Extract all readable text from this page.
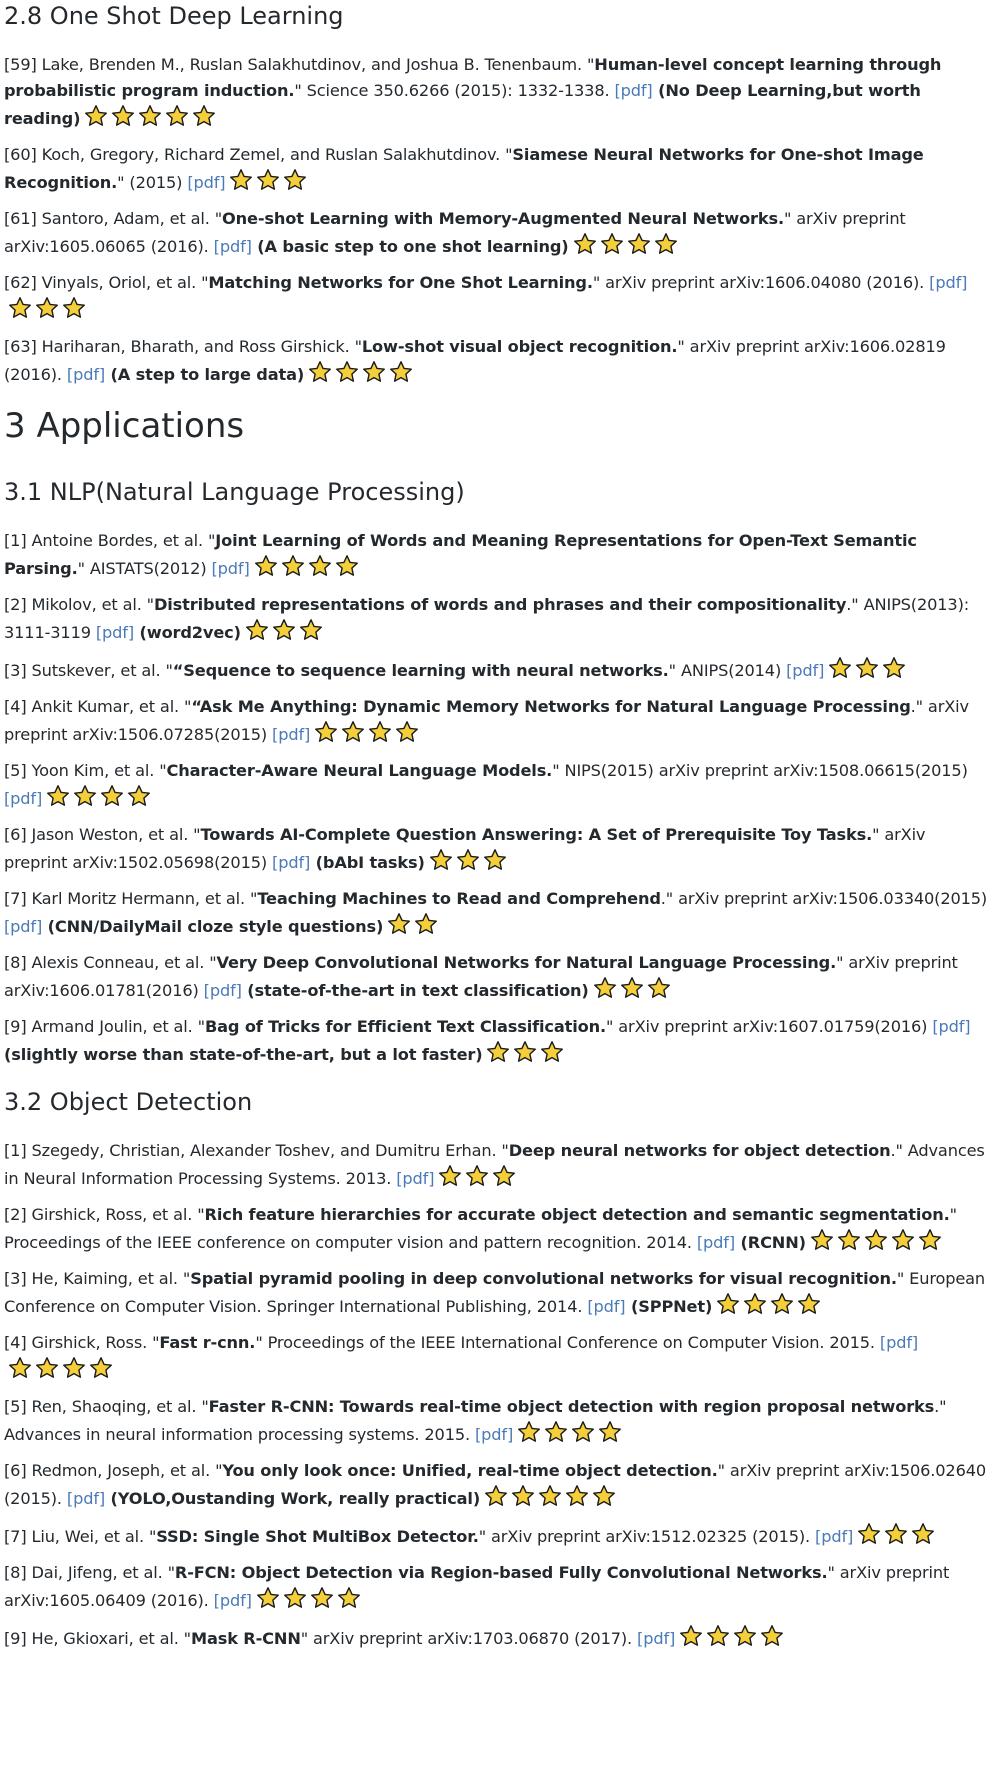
2.8 One Shot Deep Learning

[59] Lake, Brenden M., Ruslan Salakhutdinov, and Joshua B. Tenenbaum. "Human-level concept learning through probabilistic program induction." Science 350.6266 (2015): 1332-1338. [pdf] (No Deep Learning,but worth reading)

[60] Koch, Gregory, Richard Zemel, and Ruslan Salakhutdinov. "Siamese Neural Networks for One-shot Image Recognition." (2015) [pdf]

[61] Santoro, Adam, et al. "One-shot Learning with Memory-Augmented Neural Networks." arXiv preprint arXiv:1605.06065 (2016). [pdf] (A basic step to one shot learning)

[62] Vinyals, Oriol, et al. "Matching Networks for One Shot Learning." arXiv preprint arXiv:1606.04080 (2016). [pdf]

[63] Hariharan, Bharath, and Ross Girshick. "Low-shot visual object recognition." arXiv preprint arXiv:1606.02819 (2016). [pdf] (A step to large data)

3 Applications
3.1 NLP(Natural Language Processing)

[1] Antoine Bordes, et al. "Joint Learning of Words and Meaning Representations for Open-Text Semantic Parsing." AISTATS(2012) [pdf]

[2] Mikolov, et al. "Distributed representations of words and phrases and their compositionality." ANIPS(2013): 3111-3119 [pdf] (word2vec)

[3] Sutskever, et al. "“Sequence to sequence learning with neural networks." ANIPS(2014) [pdf]

[4] Ankit Kumar, et al. "“Ask Me Anything: Dynamic Memory Networks for Natural Language Processing." arXiv preprint arXiv:1506.07285(2015) [pdf]

[5] Yoon Kim, et al. "Character-Aware Neural Language Models." NIPS(2015) arXiv preprint arXiv:1508.06615(2015) [pdf]

[6] Jason Weston, et al. "Towards AI-Complete Question Answering: A Set of Prerequisite Toy Tasks." arXiv preprint arXiv:1502.05698(2015) [pdf] (bAbI tasks)

[7] Karl Moritz Hermann, et al. "Teaching Machines to Read and Comprehend." arXiv preprint arXiv:1506.03340(2015) [pdf] (CNN/DailyMail cloze style questions)

[8] Alexis Conneau, et al. "Very Deep Convolutional Networks for Natural Language Processing." arXiv preprint arXiv:1606.01781(2016) [pdf] (state-of-the-art in text classification)

[9] Armand Joulin, et al. "Bag of Tricks for Efficient Text Classification." arXiv preprint arXiv:1607.01759(2016) [pdf] (slightly worse than state-of-the-art, but a lot faster)

3.2 Object Detection

[1] Szegedy, Christian, Alexander Toshev, and Dumitru Erhan. "Deep neural networks for object detection." Advances in Neural Information Processing Systems. 2013. [pdf]

[2] Girshick, Ross, et al. "Rich feature hierarchies for accurate object detection and semantic segmentation." Proceedings of the IEEE conference on computer vision and pattern recognition. 2014. [pdf] (RCNN)

[3] He, Kaiming, et al. "Spatial pyramid pooling in deep convolutional networks for visual recognition." European Conference on Computer Vision. Springer International Publishing, 2014. [pdf] (SPPNet)

[4] Girshick, Ross. "Fast r-cnn." Proceedings of the IEEE International Conference on Computer Vision. 2015. [pdf]

[5] Ren, Shaoqing, et al. "Faster R-CNN: Towards real-time object detection with region proposal networks." Advances in neural information processing systems. 2015. [pdf]

[6] Redmon, Joseph, et al. "You only look once: Unified, real-time object detection." arXiv preprint arXiv:1506.02640 (2015). [pdf] (YOLO,Oustanding Work, really practical)

[7] Liu, Wei, et al. "SSD: Single Shot MultiBox Detector." arXiv preprint arXiv:1512.02325 (2015). [pdf]

[8] Dai, Jifeng, et al. "R-FCN: Object Detection via Region-based Fully Convolutional Networks." arXiv preprint arXiv:1605.06409 (2016). [pdf]

[9] He, Gkioxari, et al. "Mask R-CNN" arXiv preprint arXiv:1703.06870 (2017). [pdf]
